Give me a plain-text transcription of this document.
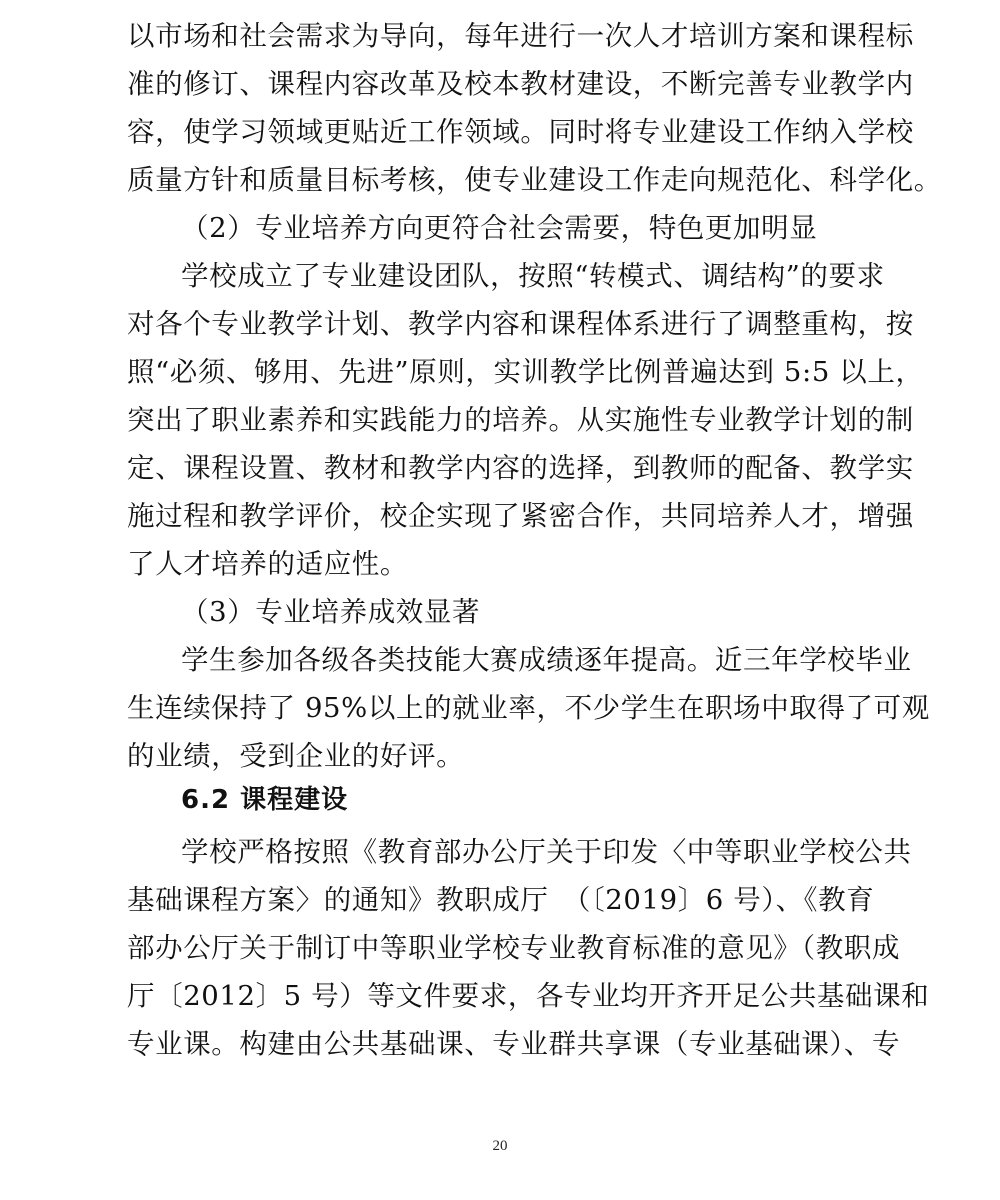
以市场和社会需求为导向，每年进行一次人才培训方案和课程标
准的修订、课程内容改革及校本教材建设，不断完善专业教学内
容，使学习领域更贴近工作领域。同时将专业建设工作纳入学校
质量方针和质量目标考核，使专业建设工作走向规范化、科学化。
（2）专业培养方向更符合社会需要，特色更加明显
学校成立了专业建设团队，按照“转模式、调结构”的要求
对各个专业教学计划、教学内容和课程体系进行了调整重构，按
照“必须、够用、先进”原则，实训教学比例普遍达到 5:5 以上，
突出了职业素养和实践能力的培养。从实施性专业教学计划的制
定、课程设置、教材和教学内容的选择，到教师的配备、教学实
施过程和教学评价，校企实现了紧密合作，共同培养人才，增强
了人才培养的适应性。
（3）专业培养成效显著
学生参加各级各类技能大赛成绩逐年提高。近三年学校毕业
生连续保持了 95%以上的就业率，不少学生在职场中取得了可观
的业绩，受到企业的好评。
6.2 课程建设
学校严格按照《教育部办公厅关于印发〈中等职业学校公共
基础课程方案〉的通知》教职成厅　（〔2019〕6 号）、《教育
部办公厅关于制订中等职业学校专业教育标准的意见》（教职成
厅〔2012〕5 号）等文件要求，各专业均开齐开足公共基础课和
专业课。构建由公共基础课、专业群共享课（专业基础课）、专
20
